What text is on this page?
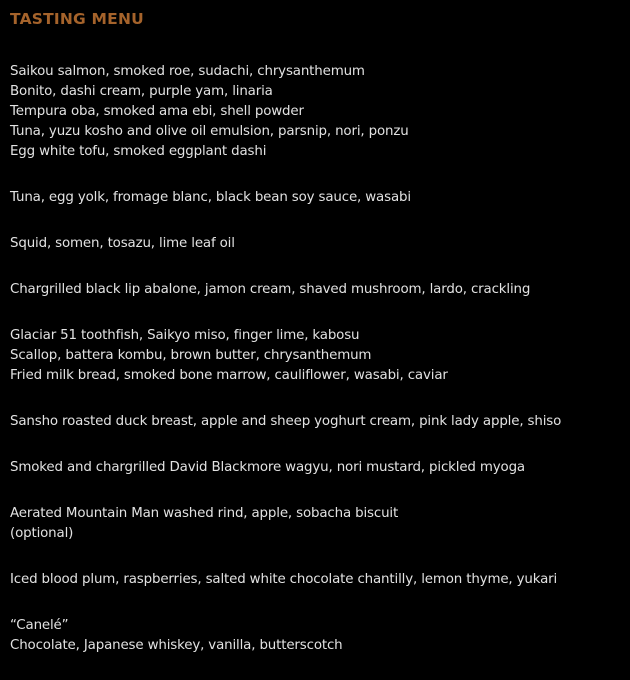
TASTING MENU

Saikou salmon, smoked roe, sudachi, chrysanthemum
Bonito, dashi cream, purple yam, linaria
Tempura oba, smoked ama ebi, shell powder
Tuna, yuzu kosho and olive oil emulsion, parsnip, nori, ponzu
Egg white tofu, smoked eggplant dashi

Tuna, egg yolk, fromage blanc, black bean soy sauce, wasabi

Squid, somen, tosazu, lime leaf oil

Chargrilled black lip abalone, jamon cream, shaved mushroom, lardo, crackling

Glaciar 51 toothfish, Saikyo miso, finger lime, kabosu
Scallop, battera kombu, brown butter, chrysanthemum
Fried milk bread, smoked bone marrow, cauliflower, wasabi, caviar

Sansho roasted duck breast, apple and sheep yoghurt cream, pink lady apple, shiso

Smoked and chargrilled David Blackmore wagyu, nori mustard, pickled myoga

Aerated Mountain Man washed rind, apple, sobacha biscuit
(optional)

Iced blood plum, raspberries, salted white chocolate chantilly, lemon thyme, yukari

“Canelé”
Chocolate, Japanese whiskey, vanilla, butterscotch
